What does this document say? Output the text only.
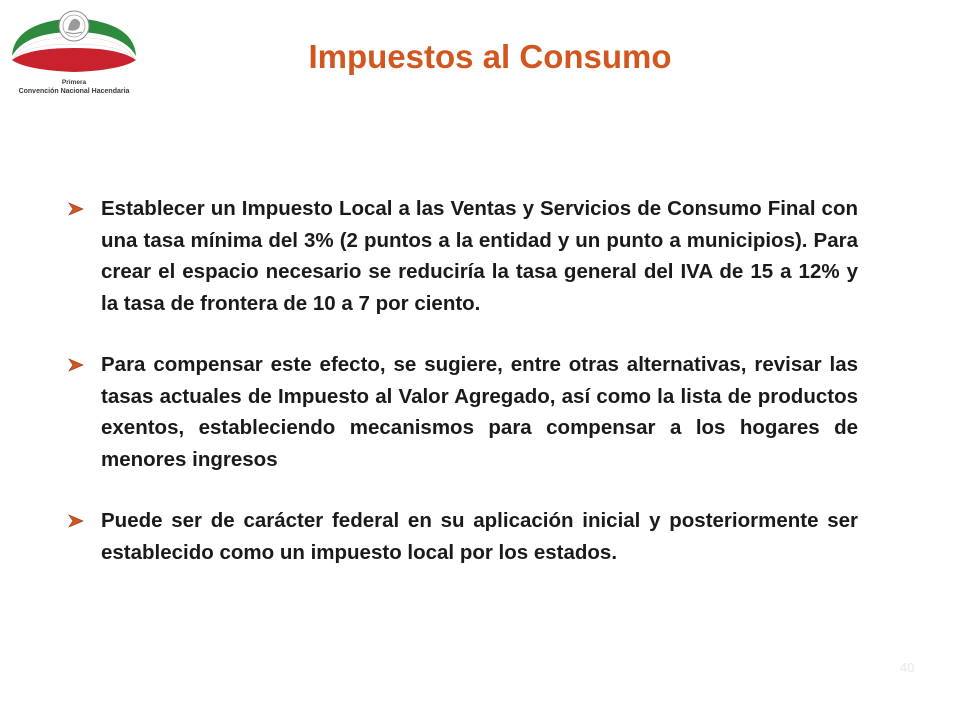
Primera
Convención Nacional Hacendaria
Impuestos al Consumo

Establecer un Impuesto Local a las Ventas y Servicios de Consumo Final con una tasa mínima del 3% (2 puntos a la entidad y un punto a municipios). Para crear el espacio necesario se reduciría la tasa general del IVA de 15 a 12% y la tasa de frontera de 10 a 7 por ciento.

Para compensar este efecto, se sugiere, entre otras alternativas, revisar las tasas actuales de Impuesto al Valor Agregado, así como la lista de productos exentos, estableciendo mecanismos para compensar a los hogares de menores ingresos

Puede ser de carácter federal en su aplicación inicial y posteriormente ser establecido como un impuesto local por los estados.

40
